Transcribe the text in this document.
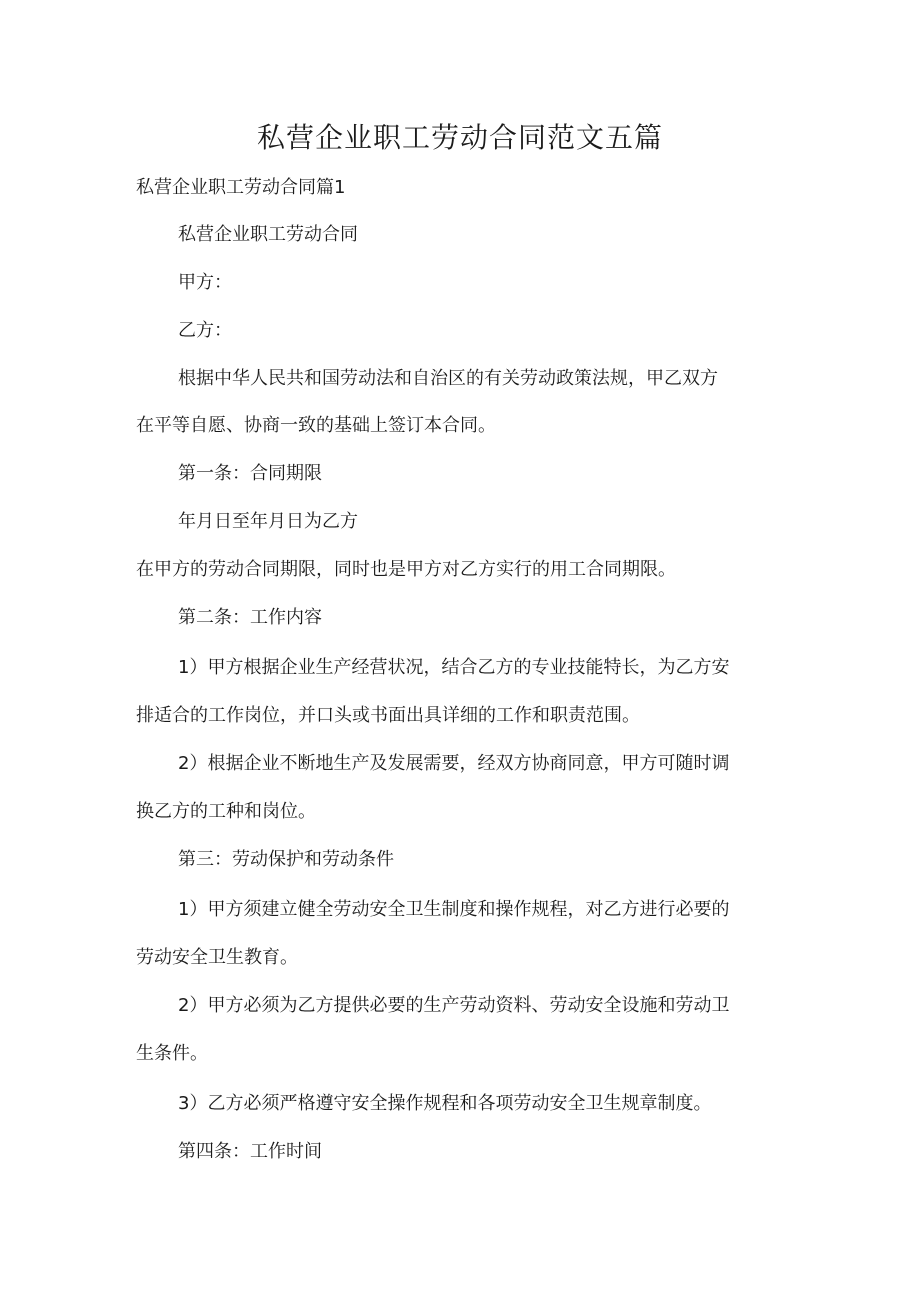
私营企业职工劳动合同范文五篇

私营企业职工劳动合同篇1

私营企业职工劳动合同

甲方：

乙方：

根据中华人民共和国劳动法和自治区的有关劳动政策法规，甲乙双方

在平等自愿、协商一致的基础上签订本合同。

第一条：合同期限

年月日至年月日为乙方

在甲方的劳动合同期限，同时也是甲方对乙方实行的用工合同期限。

第二条：工作内容

1）甲方根据企业生产经营状况，结合乙方的专业技能特长，为乙方安

排适合的工作岗位，并口头或书面出具详细的工作和职责范围。

2）根据企业不断地生产及发展需要，经双方协商同意，甲方可随时调

换乙方的工种和岗位。

第三：劳动保护和劳动条件

1）甲方须建立健全劳动安全卫生制度和操作规程，对乙方进行必要的

劳动安全卫生教育。

2）甲方必须为乙方提供必要的生产劳动资料、劳动安全设施和劳动卫

生条件。

3）乙方必须严格遵守安全操作规程和各项劳动安全卫生规章制度。

第四条：工作时间
